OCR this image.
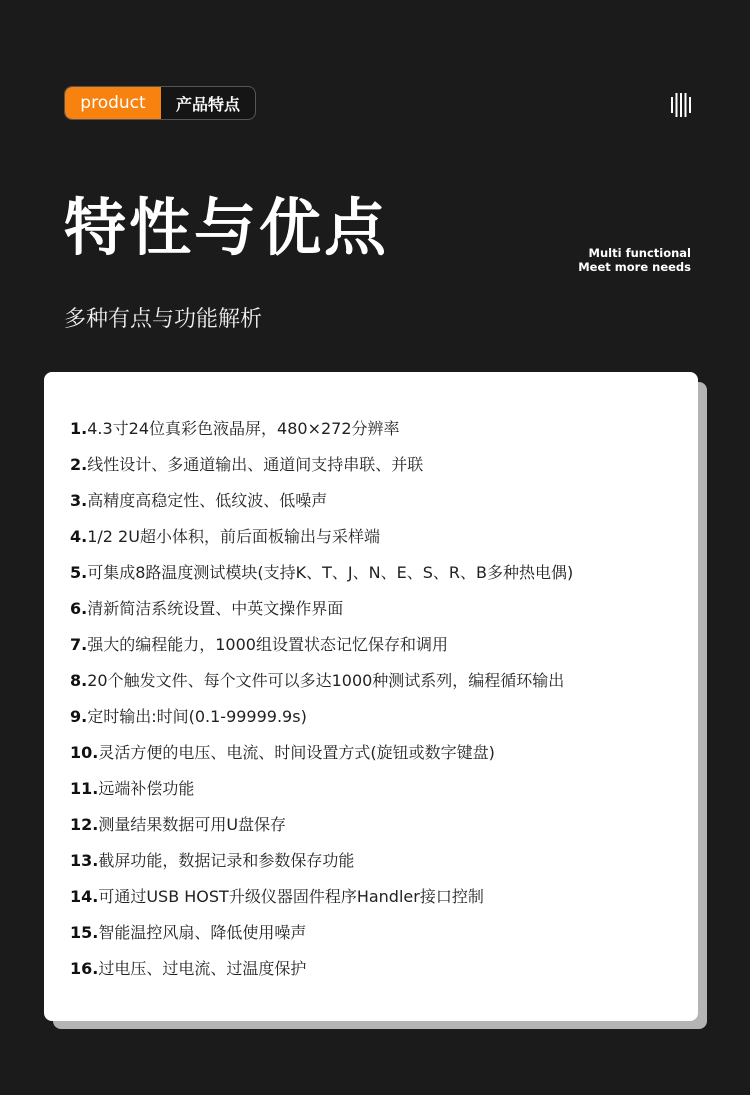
product	产品特点
特性与优点	Multi functional
Meet more needs
多种有点与功能解析
1.4.3寸24位真彩色液晶屏，480×272分辨率
2.线性设计、多通道输出、通道间支持串联、并联
3.高精度高稳定性、低纹波、低噪声
4.1/2 2U超小体积，前后面板输出与采样端
5.可集成8路温度测试模块(支持K、T、J、N、E、S、R、B多种热电偶)
6.清新简洁系统设置、中英文操作界面
7.强大的编程能力，1000组设置状态记忆保存和调用
8.20个触发文件、每个文件可以多达1000种测试系列，编程循环输出
9.定时输出:时间(0.1-99999.9s)
10.灵活方便的电压、电流、时间设置方式(旋钮或数字键盘)
11.远端补偿功能
12.测量结果数据可用U盘保存
13.截屏功能，数据记录和参数保存功能
14.可通过USB HOST升级仪器固件程序Handler接口控制
15.智能温控风扇、降低使用噪声
16.过电压、过电流、过温度保护
